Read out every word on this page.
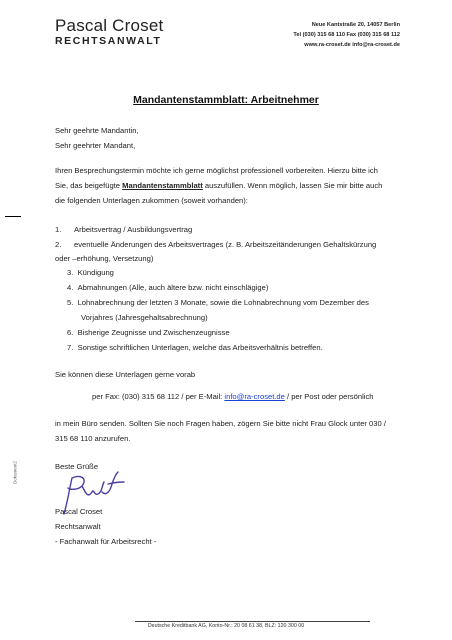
Pascal Croset
RECHTSANWALT
Neue Kantstraße 20, 14057 Berlin
Tel (030) 315 68 110 Fax (030) 315 68 112
www.ra-croset.de info@ra-croset.de
Mandantenstammblatt: Arbeitnehmer
Sehr geehrte Mandantin,
Sehr geehrter Mandant,
Ihren Besprechungstermin möchte ich gerne möglichst professionell vorbereiten. Hierzu bitte ich
Sie, das beigefügte Mandantenstammblatt auszufüllen. Wenn möglich, lassen Sie mir bitte auch
die folgenden Unterlagen zukommen (soweit vorhanden):
1. Arbeitsvertrag / Ausbildungsvertrag
2. eventuelle Änderungen des Arbeitsvertrages (z. B. Arbeitszeitänderungen Gehaltskürzung
oder –erhöhung, Versetzung)
3. Kündigung
4. Abmahnungen (Alle, auch ältere bzw. nicht einschlägige)
5. Lohnabrechnung der letzten 3 Monate, sowie die Lohnabrechnung vom Dezember des
Vorjahres (Jahresgehaltsabrechnung)
6. Bisherige Zeugnisse und Zwischenzeugnisse
7. Sonstige schriftlichen Unterlagen, welche das Arbeitsverhältnis betreffen.
Sie können diese Unterlagen gerne vorab
per Fax: (030) 315 68 112 / per E-Mail: info@ra-croset.de / per Post oder persönlich
in mein Büro senden. Sollten Sie noch Fragen haben, zögern Sie bitte nicht Frau Glock unter 030 /
315 68 110 anzurufen.
Beste Grüße
Pascal Croset
Rechtsanwalt
- Fachanwalt für Arbeitsrecht -
Dokument2
Deutsche Kreditbank AG, Konto-Nr.: 20 08 61 38, BLZ: 120 300 00
